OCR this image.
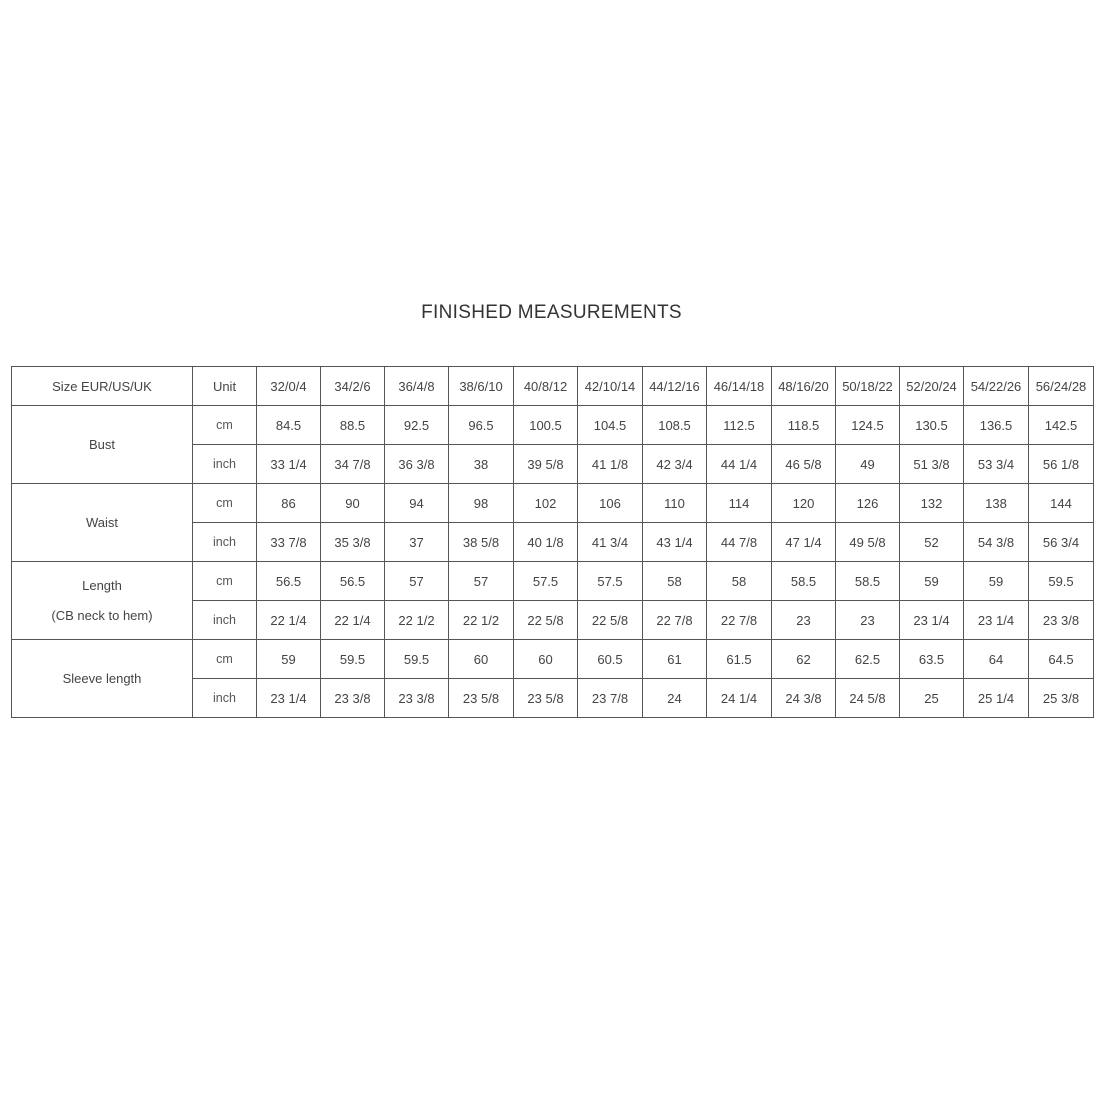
FINISHED MEASUREMENTS
Size EUR/US/UK	Unit	32/0/4	34/2/6	36/4/8	38/6/10	40/8/12	42/10/14	44/12/16	46/14/18	48/16/20	50/18/22	52/20/24	54/22/26	56/24/28

Bust	cm	84.5	88.5	92.5	96.5	100.5	104.5	108.5	112.5	118.5	124.5	130.5	136.5	142.5
	inch	33 1/4	34 7/8	36 3/8	38	39 5/8	41 1/8	42 3/4	44 1/4	46 5/8	49	51 3/8	53 3/4	56 1/8

Waist	cm	86	90	94	98	102	106	110	114	120	126	132	138	144
	inch	33 7/8	35 3/8	37	38 5/8	40 1/8	41 3/4	43 1/4	44 7/8	47 1/4	49 5/8	52	54 3/8	56 3/4

Length
(CB neck to hem)	cm	56.5	56.5	57	57	57.5	57.5	58	58	58.5	58.5	59	59	59.5
	inch	22 1/4	22 1/4	22 1/2	22 1/2	22 5/8	22 5/8	22 7/8	22 7/8	23	23	23 1/4	23 1/4	23 3/8

Sleeve length	cm	59	59.5	59.5	60	60	60.5	61	61.5	62	62.5	63.5	64	64.5
	inch	23 1/4	23 3/8	23 3/8	23 5/8	23 5/8	23 7/8	24	24 1/4	24 3/8	24 5/8	25	25 1/4	25 3/8
